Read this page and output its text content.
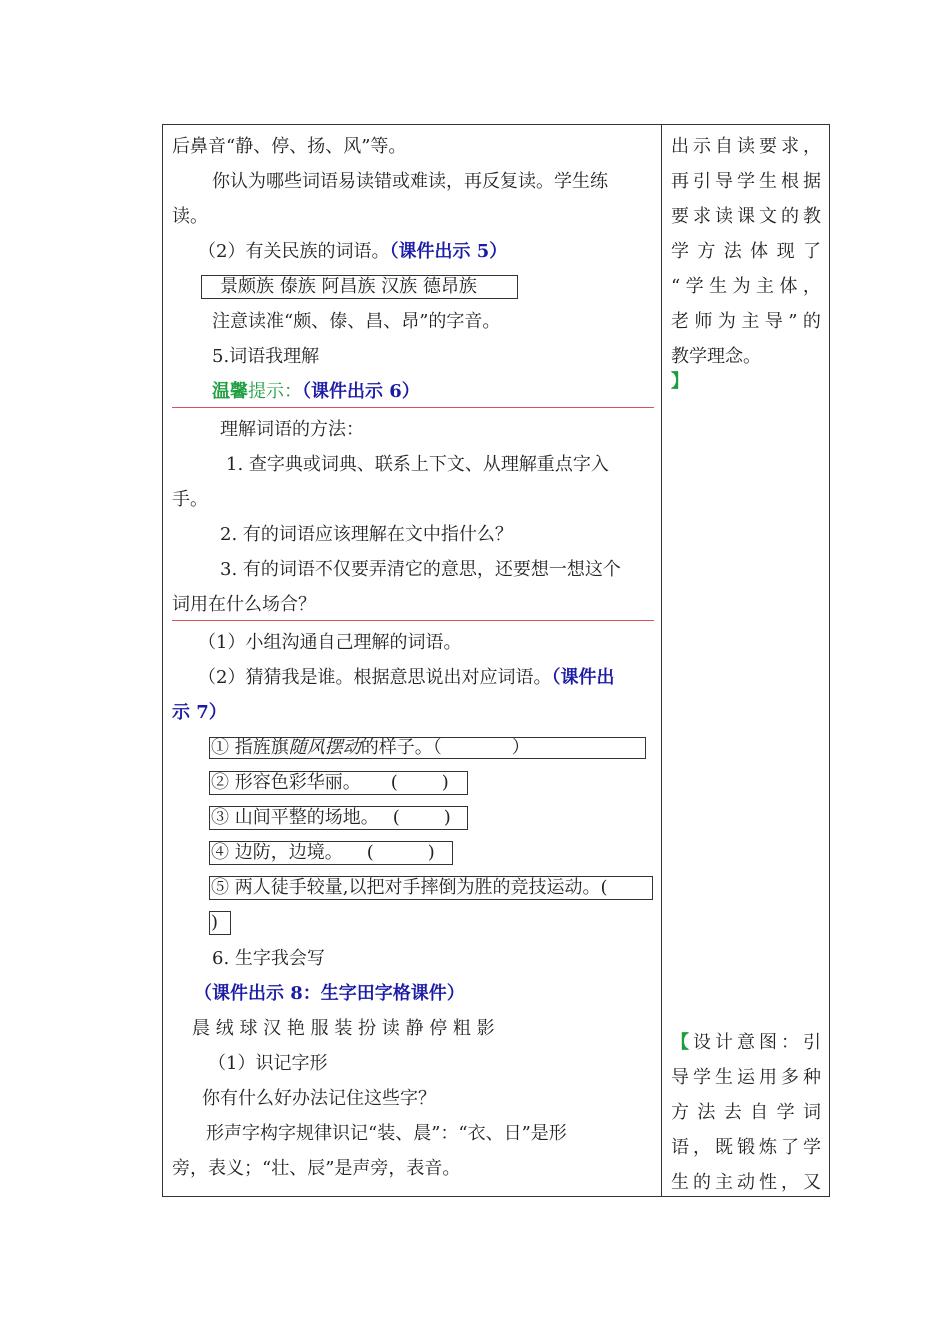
后鼻音“静、停、扬、风”等。
你认为哪些词语易读错或难读，再反复读。学生练
读。
（2）有关民族的词语。（课件出示 5）
景颇族 傣族 阿昌族 汉族 德昂族
注意读准“颇、傣、昌、昂”的字音。
5.词语我理解
温馨提示：（课件出示 6）
理解词语的方法：
1. 查字典或词典、联系上下文、从理解重点字入
手。
2. 有的词语应该理解在文中指什么？
3. 有的词语不仅要弄清它的意思，还要想一想这个
词用在什么场合？
（1）小组沟通自己理解的词语。
（2）猜猜我是谁。根据意思说出对应词语。（课件出
示 7）
① 指旌旗随风摆动的样子。（	）
② 形容色彩华丽。 ( )
③ 山间平整的场地。 ( )
④ 边防，边境。 (	)
⑤ 两人徒手较量,以把对手摔倒为胜的竞技运动。(
)
6. 生字我会写
（课件出示 8：生字田字格课件）
晨 绒 球 汉 艳 服 装 扮 读 静 停 粗 影
（1）识记字形
你有什么好办法记住这些字？
形声字构字规律识记“装、晨”：“衣、日”是形
旁，表义；“壮、辰”是声旁，表音。
出 示 自 读 要 求 ，
再 引 导 学 生 根 据
要 求 读 课 文 的 教
学 方 法 体 现 了
“ 学 生 为 主 体 ，
老 师 为 主 导 ” 的
教学理念。
】
【 设 计 意 图 ： 引
导 学 生 运 用 多 种
方 法 去 自 学 词
语 ， 既 锻 炼 了 学
生 的 主 动 性 ， 又
